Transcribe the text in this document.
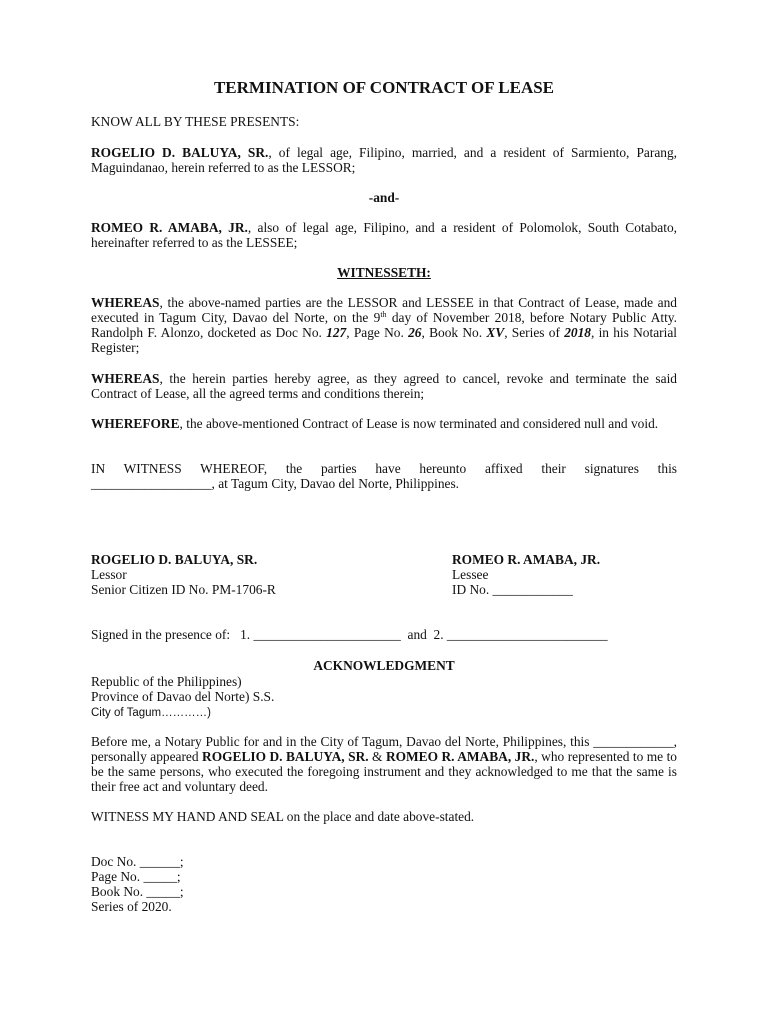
TERMINATION OF CONTRACT OF LEASE

KNOW ALL BY THESE PRESENTS:

ROGELIO D. BALUYA, SR., of legal age, Filipino, married, and a resident of Sarmiento, Parang, Maguindanao, herein referred to as the LESSOR;

-and-

ROMEO R. AMABA, JR., also of legal age, Filipino, and a resident of Polomolok, South Cotabato, hereinafter referred to as the LESSEE;

WITNESSETH:

WHEREAS, the above-named parties are the LESSOR and LESSEE in that Contract of Lease, made and executed in Tagum City, Davao del Norte, on the 9th day of November 2018, before Notary Public Atty. Randolph F. Alonzo, docketed as Doc No. 127, Page No. 26, Book No. XV, Series of 2018, in his Notarial Register;

WHEREAS, the herein parties hereby agree, as they agreed to cancel, revoke and terminate the said Contract of Lease, all the agreed terms and conditions therein;

WHEREFORE, the above-mentioned Contract of Lease is now terminated and considered null and void.

IN WITNESS WHEREOF, the parties have hereunto affixed their signatures this

__________________, at Tagum City, Davao del Norte, Philippines.

ROGELIO D. BALUYA, SR.
Lessor
Senior Citizen ID No. PM-1706-R
ROMEO R. AMABA, JR.
Lessee
ID No. ____________

Signed in the presence of:   1. ______________________  and  2. ________________________

ACKNOWLEDGMENT

Republic of the Philippines)
Province of Davao del Norte) S.S.
City of Tagum…………)

Before me, a Notary Public for and in the City of Tagum, Davao del Norte, Philippines, this ____________, personally appeared ROGELIO D. BALUYA, SR. & ROMEO R. AMABA, JR., who represented to me to be the same persons, who executed the foregoing instrument and they acknowledged to me that the same is their free act and voluntary deed.

WITNESS MY HAND AND SEAL on the place and date above-stated.

Doc No. ______;
Page No. _____;
Book No. _____;
Series of 2020.
